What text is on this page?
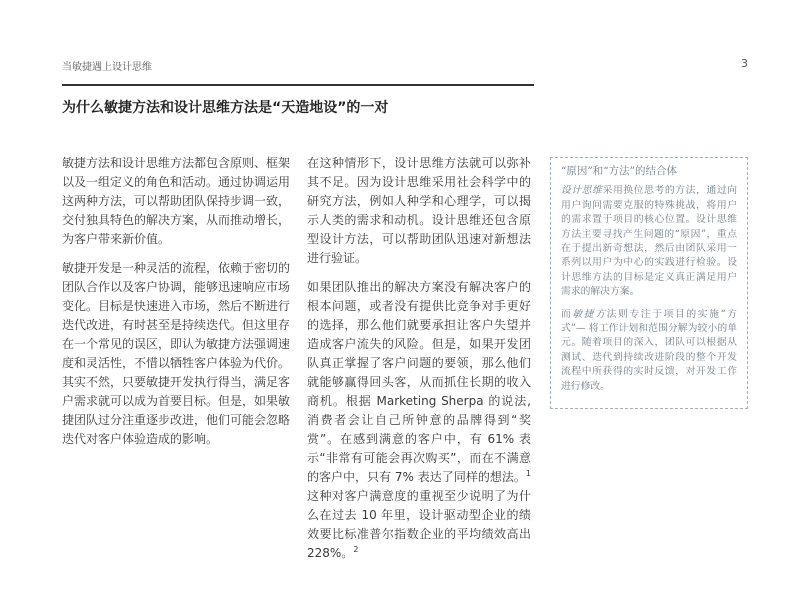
当敏捷遇上设计思维	3
为什么敏捷方法和设计思维方法是“天造地设”的一对

敏捷方法和设计思维方法都包含原则、框架以及一组定义的角色和活动。通过协调运用这两种方法，可以帮助团队保持步调一致，交付独具特色的解决方案，从而推动增长，为客户带来新价值。

敏捷开发是一种灵活的流程，依赖于密切的团队合作以及客户协调，能够迅速响应市场变化。目标是快速进入市场，然后不断进行迭代改进，有时甚至是持续迭代。但这里存在一个常见的误区，即认为敏捷方法强调速度和灵活性，不惜以牺牲客户体验为代价。其实不然，只要敏捷开发执行得当，满足客户需求就可以成为首要目标。但是，如果敏捷团队过分注重逐步改进，他们可能会忽略迭代对客户体验造成的影响。

在这种情形下，设计思维方法就可以弥补其不足。因为设计思维采用社会科学中的研究方法，例如人种学和心理学，可以揭示人类的需求和动机。设计思维还包含原型设计方法，可以帮助团队迅速对新想法进行验证。

如果团队推出的解决方案没有解决客户的根本问题，或者没有提供比竞争对手更好的选择，那么他们就要承担让客户失望并造成客户流失的风险。但是，如果开发团队真正掌握了客户问题的要领，那么他们就能够赢得回头客，从而抓住长期的收入商机。根据 Marketing Sherpa 的说法, 消费者会让自己所钟意的品牌得到“奖赏”。在感到满意的客户中，有 61% 表示“非常有可能会再次购买”，而在不满意的客户中，只有 7% 表达了同样的想法。$^1$ 这种对客户满意度的重视至少说明了为什么在过去 10 年里，设计驱动型企业的绩效要比标准普尔指数企业的平均绩效高出 228%。$^2$

“原因”和“方法”的结合体

设计思维采用换位思考的方法，通过向用户询问需要克服的特殊挑战，将用户的需求置于项目的核心位置。设计思维方法主要寻找产生问题的“原因”，重点在于提出新奇想法，然后由团队采用一系列以用户为中心的实践进行检验。设计思维方法的目标是定义真正满足用户需求的解决方案。

而敏捷方法则专注于项目的实施“方式”— 将工作计划和范围分解为较小的单元。随着项目的深入，团队可以根据从测试、迭代到持续改进阶段的整个开发流程中所获得的实时反馈，对开发工作进行修改。
